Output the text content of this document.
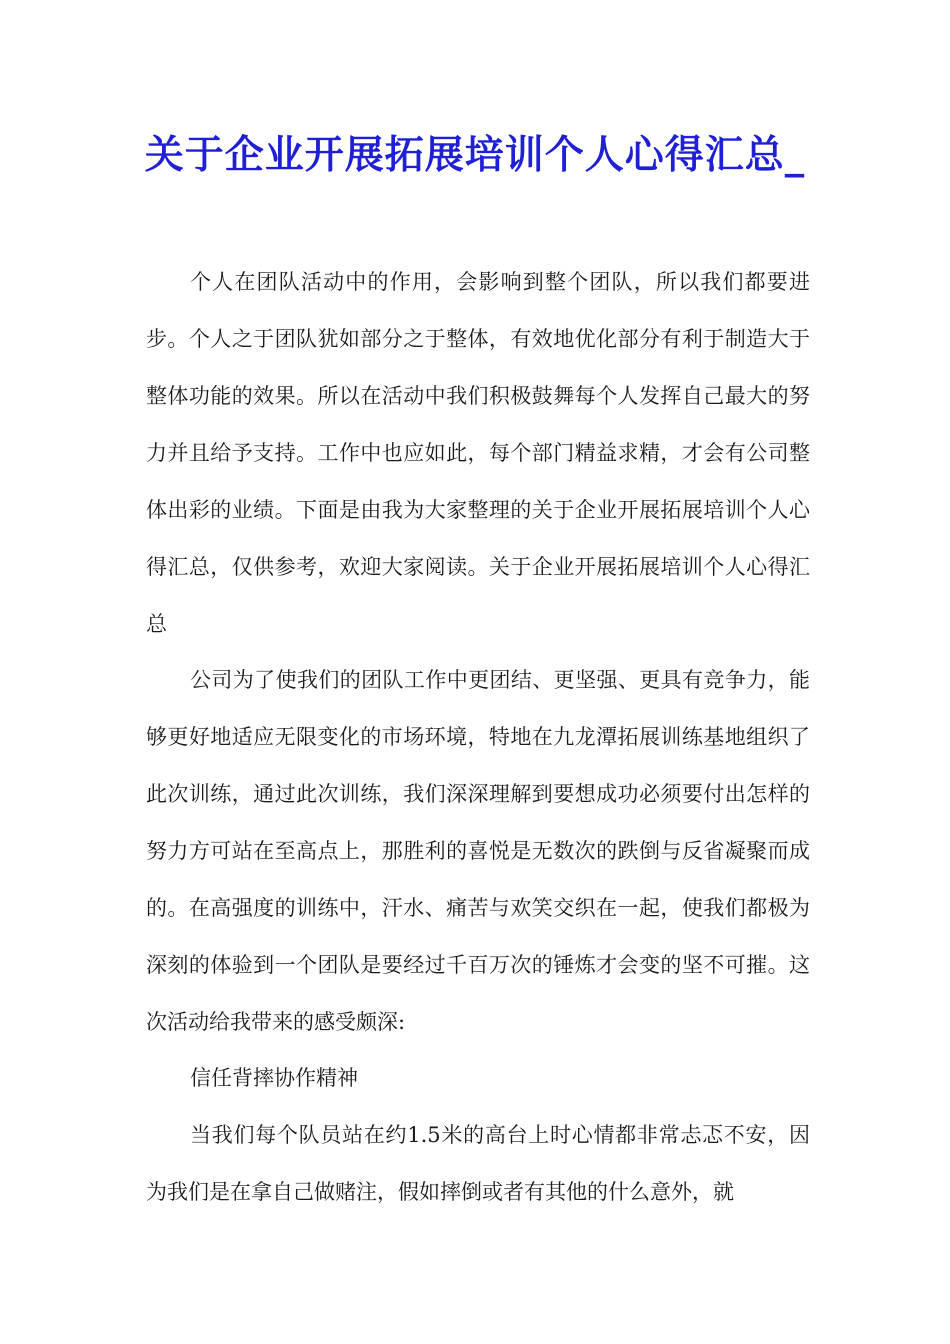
关于企业开展拓展培训个人心得汇总_

个人在团队活动中的作用，会影响到整个团队，所以我们都要进步。个人之于团队犹如部分之于整体，有效地优化部分有利于制造大于整体功能的效果。所以在活动中我们积极鼓舞每个人发挥自己最大的努力并且给予支持。工作中也应如此，每个部门精益求精，才会有公司整体出彩的业绩。下面是由我为大家整理的关于企业开展拓展培训个人心得汇总，仅供参考，欢迎大家阅读。关于企业开展拓展培训个人心得汇总

公司为了使我们的团队工作中更团结、更坚强、更具有竞争力，能够更好地适应无限变化的市场环境，特地在九龙潭拓展训练基地组织了此次训练，通过此次训练，我们深深理解到要想成功必须要付出怎样的努力方可站在至高点上，那胜利的喜悦是无数次的跌倒与反省凝聚而成的。在高强度的训练中，汗水、痛苦与欢笑交织在一起，使我们都极为深刻的体验到一个团队是要经过千百万次的锤炼才会变的坚不可摧。这次活动给我带来的感受颇深:

信任背摔协作精神

当我们每个队员站在约1.5米的高台上时心情都非常忐忑不安，因为我们是在拿自己做赌注，假如摔倒或者有其他的什么意外，就
